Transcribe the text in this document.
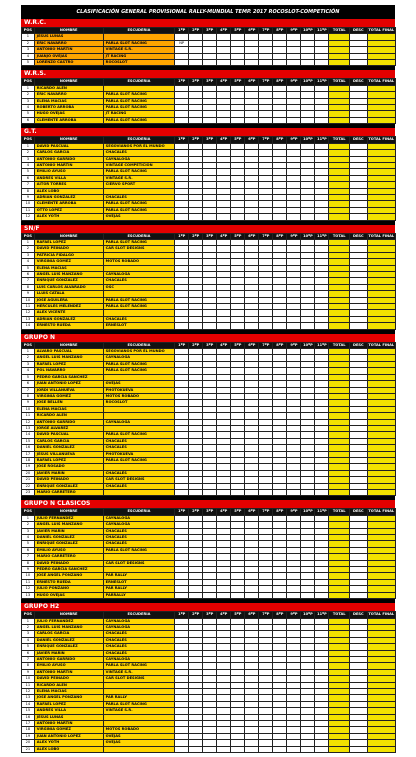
CLASIFICACIÓN GENERAL PROVISIONAL RALLY-MUNDIAL TEMP. 2017 ROCOSLOT-COMPETICIÓN
W.R.C.
POS	NOMBRE	ESCUDERIA	1ºP	2ºP	3ºP	4ºP	5ºP	6ºP	7ºP	8ºP	9ºP	10ºP	11ºP	TOTAL	DESC	TOTAL FINAL
1	JESUS LUNAS															
2	ERIC NAVARRO	PARLA SLOT RACING	NP													
3	ANTONIO MARTIN	VINTAGE S.R.														
4	JUANJO OVEJAS	JT RACING														
5	LORENZO CASTRO	ROCOSLOT														
W.R.S.
POS	NOMBRE	ESCUDERIA	1ºP	2ºP	3ºP	4ºP	5ºP	6ºP	7ºP	8ºP	9ºP	10ºP	11ºP	TOTAL	DESC	TOTAL FINAL
1	RICARDO ALEN															
2	ERIC NAVARRO	PARLA SLOT RACING														
3	ELENA MACIAS	PARLA SLOT RACING														
4	ROBERTO ARROBA	PARLA SLOT RACING														
5	HUGO OVEJAS	JT RACING														
6	CLEMENTE ARROBA	PARLA SLOT RACING														
G.T.
POS	NOMBRE	ESCUDERIA	1ºP	2ºP	3ºP	4ºP	5ºP	6ºP	7ºP	8ºP	9ºP	10ºP	11ºP	TOTAL	DESC	TOTAL FINAL
1	DAVID PASCUAL	SEGOVIANOS POR EL MUNDO														
2	CARLOS GARCIA	CHACALES														
3	ANTONIO GARRIDO	CAYNALOGA														
4	ANTONIO MARTIN	VINTAGE COMPETICION														
5	EMILIO AYUSO	PARLA SLOT RACING														
6	ANDRES VILLA	VINTAGE S.R.														
7	AITOR TORRES	CIERVO SPORT														
8	ALEX LOBO															
9	ADRIAN GONZALEZ	CHACALES														
10	CLEMENTE ARROBA	PARLA SLOT RACING														
11	OTTO LOPEZ	PARLA SLOT RACING														
12	ALEX YOTH	OVEJAS														
SN/F
POS	NOMBRE	ESCUDERIA	1ºP	2ºP	3ºP	4ºP	5ºP	6ºP	7ºP	8ºP	9ºP	10ºP	11ºP	TOTAL	DESC	TOTAL FINAL
1	RAFAEL LOPEZ	PARLA SLOT RACING														
2	DAVID PEINADO	CAR SLOT DESIGNS														
3	PATRICIA FIDALGO															
4	VIRGINIA GOMEZ	MOTOS ROBADO														
5	ELENA MACIAS															
6	ANGEL LUIS MANZANO	CAYNALOGA														
7	ENRIQUE GONZALEZ	CHACALES														
8	LUIS CARLOS ALVARADO	OSC														
9	LLUIS CATALA															
10	JOSE AGUILERA	PARLA SLOT RACING														
11	HERCULES MELENDEZ	PARLA SLOT RACING														
12	ALEX VICENTE															
13	ADRIAN GONZALEZ	CHACALES														
14	ERNESTO RUEDA	ERNESLOT														
GRUPO N
POS	NOMBRE	ESCUDERIA	1ºP	2ºP	3ºP	4ºP	5ºP	6ºP	7ºP	8ºP	9ºP	10ºP	11ºP	TOTAL	DESC	TOTAL FINAL
1	ALVARO PASCUAL	SEGOVIANOS POR EL MUNDO														
2	ANGEL LUIS MANZANO	CAYNALOGA														
3	RAFAEL LOPEZ	PARLA SLOT RACING														
4	POL NAVARRO	PARLA SLOT RACING														
5	PEDRO GARCIA SANCHEZ															
6	JUAN ANTONIO LOPEZ	OVEJAS														
7	JORDI VILLANUEVA	PHOTOKUEVA														
8	VIRGINIA GOMEZ	MOTOS ROBADO														
9	JOSE BELLEN	ROCOSLOT														
10	ELENA MACIAS															
11	RICARDO ALEN															
12	ANTONIO GARRIDO	CAYNALOGA														
13	JORGE ALVAREZ															
14	DAVID PASCUAL	PARLA SLOT RACING														
15	CARLOS GARCIA	CHACALES														
16	DANIEL GONZALEZ	CHACALES														
17	JESUS VILLANUEVA	PHOTOKUEVA														
18	RAFAEL LOPEZ	PARLA SLOT RACING														
19	JOSE ROSADO															
20	JAVIER MARIN	CHACALES														
21	DAVID PEINADO	CAR SLOT DESIGNS														
22	ENRIQUE GONZALEZ	CHACALES														
23	MARIO CARRETERO															
GRUPO N CLASICOS
POS	NOMBRE	ESCUDERIA	1ºP	2ºP	3ºP	4ºP	5ºP	6ºP	7ºP	8ºP	9ºP	10ºP	11ºP	TOTAL	DESC	TOTAL FINAL
1	JULIO FERNANDEZ	CAYNALOGA														
2	ANGEL LUIS MANZANO	CAYNALOGA														
3	JAVIER MARIN	CHACALES														
4	DANIEL GONZALEZ	CHACALES														
5	ENRIQUE GONZALEZ	CHACALES														
6	EMILIO AYUSO	PARLA SLOT RACING														
7	MARIO CARRETERO															
8	DAVID PEINADO	CAR SLOT DESIGNS														
9	PEDRO GARCIA SANCHEZ															
10	JOSE ANGEL PONZANO	PAR RALLY														
11	ERNESTO RUEDA	ERNESLOT														
12	JULIO PONZANO	PAR RALLY														
13	HUGO OVEJAS	PARRALLY														
GRUPO H2
POS	NOMBRE	ESCUDERIA	1ºP	2ºP	3ºP	4ºP	5ºP	6ºP	7ºP	8ºP	9ºP	10ºP	11ºP	TOTAL	DESC	TOTAL FINAL
1	JULIO FERNANDEZ	CAYNALOGA														
2	ANGEL LUIS MANZANO	CAYNALOGA														
3	CARLOS GARCIA	CHACALES														
4	DANIEL GONZALEZ	CHACALES														
5	ENRIQUE GONZALEZ	CHACALES														
6	JAVIER MARIN	CHACALES														
7	ANTONIO GARRIDO	CAYNALOGA														
8	EMILIO AYUSO	PARLA SLOT RACING														
9	ANTONIO MARTIN	VINTAGE S.R.														
10	DAVID PEINADO	CAR SLOT DESIGNS														
11	RICARDO ALEN															
12	ELENA MACIAS															
13	JOSE ANGEL PONZANO	PAR RALLY														
14	RAFAEL LOPEZ	PARLA SLOT RACING														
15	ANDRES VILLA	VINTAGE S.R.														
16	JESUS LUNAS															
17	ANTONIO MARTIN															
18	VIRGINIA GOMEZ	MOTOS ROBADO														
19	JUAN ANTONIO LOPEZ	OVEJAS														
20	ALEX YOTH	OVEJAS														
21	ALEX LOBO															
